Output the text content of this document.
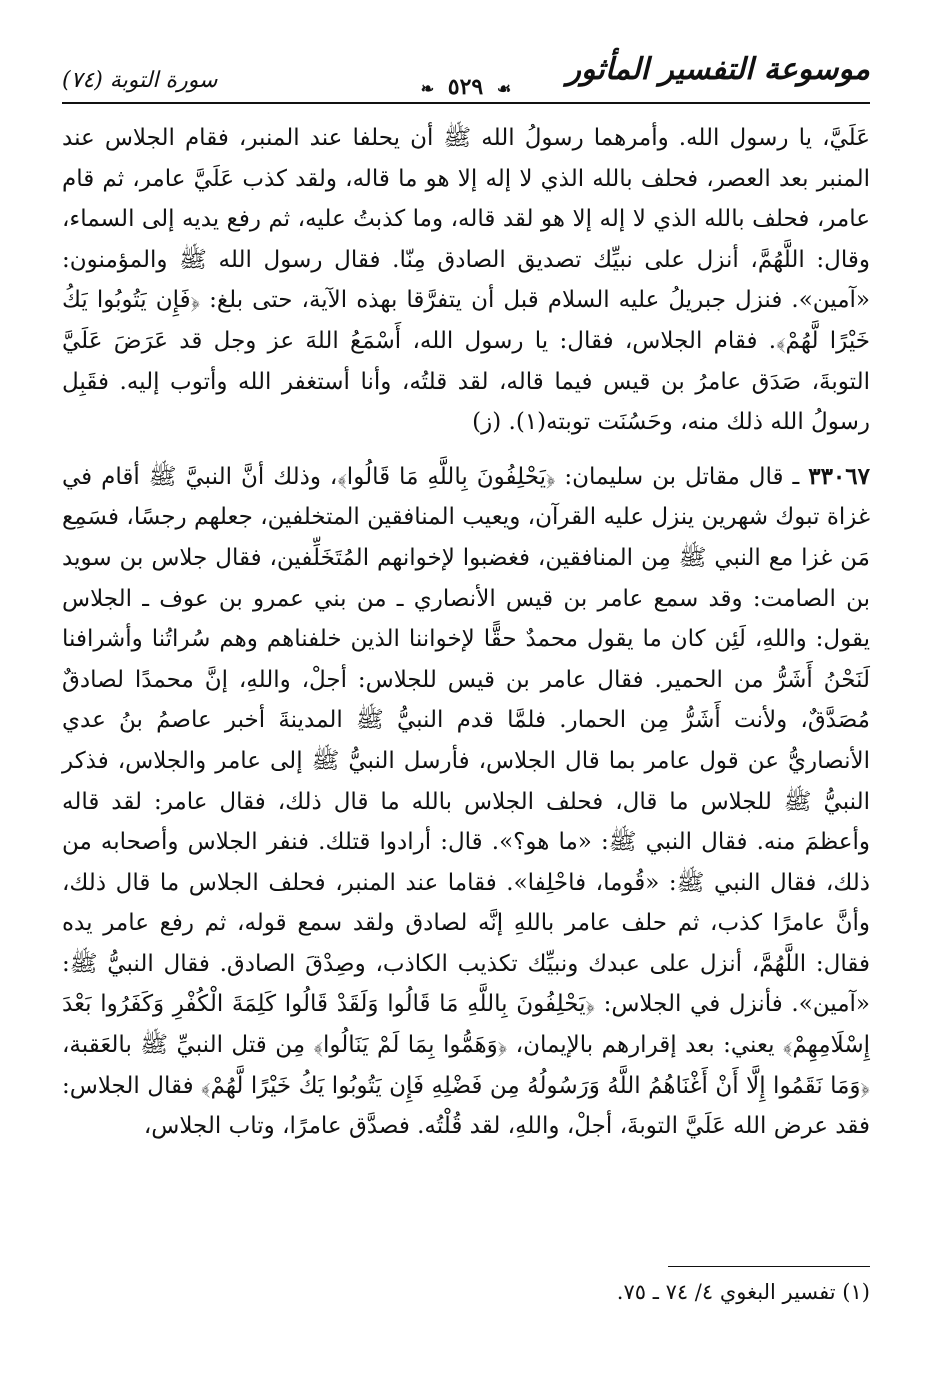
سورة التوبة (٧٤)	❧ ٥٢٩ ☙
موسوعة التفسير المأثور

عَلَيَّ، يا رسول الله. وأمرهما رسولُ الله ﷺ أن يحلفا عند المنبر، فقام الجلاس عند المنبر بعد العصر، فحلف بالله الذي لا إله إلا هو ما قاله، ولقد كذب عَلَيَّ عامر، ثم قام عامر، فحلف بالله الذي لا إله إلا هو لقد قاله، وما كذبتُ عليه، ثم رفع يديه إلى السماء، وقال: اللَّهُمَّ، أنزل على نبيِّك تصديق الصادق مِنّا. فقال رسول الله ﷺ والمؤمنون: «آمين». فنزل جبريلُ عليه السلام قبل أن يتفرَّقا بهذه الآية، حتى بلغ: ﴿فَإِن يَتُوبُوا يَكُ خَيْرًا لَّهُمْ﴾. فقام الجلاس، فقال: يا رسول الله، أَسْمَعُ اللهَ عز وجل قد عَرَضَ عَلَيَّ التوبةَ، صَدَق عامرُ بن قيس فيما قاله، لقد قلتُه، وأنا أستغفر الله وأتوب إليه. فقَبِل رسولُ الله ذلك منه، وحَسُنَت توبته(١). (ز)

٣٣٠٦٧ ـ قال مقاتل بن سليمان: ﴿يَحْلِفُونَ بِاللَّهِ مَا قَالُوا﴾، وذلك أنَّ النبيَّ ﷺ أقام في غزاة تبوك شهرين ينزل عليه القرآن، ويعيب المنافقين المتخلفين، جعلهم رجسًا، فسَمِع مَن غزا مع النبي ﷺ مِن المنافقين، فغضبوا لإخوانهم المُتَخَلِّفين، فقال جلاس بن سويد بن الصامت: وقد سمع عامر بن قيس الأنصاري ـ من بني عمرو بن عوف ـ الجلاس يقول: واللهِ، لَئِن كان ما يقول محمدٌ حقًّا لإخواننا الذين خلفناهم وهم سُراتُنا وأشرافنا لَنَحْنُ أَشَرُّ من الحمير. فقال عامر بن قيس للجلاس: أجلْ، واللهِ، إنَّ محمدًا لصادقٌ مُصَدَّقٌ، ولأنت أَشَرُّ مِن الحمار. فلمَّا قدم النبيُّ ﷺ المدينةَ أخبر عاصمُ بنُ عدي الأنصاريُّ عن قول عامر بما قال الجلاس، فأرسل النبيُّ ﷺ إلى عامر والجلاس، فذكر النبيُّ ﷺ للجلاس ما قال، فحلف الجلاس بالله ما قال ذلك، فقال عامر: لقد قاله وأعظمَ منه. فقال النبي ﷺ: «ما هو؟». قال: أرادوا قتلك. فنفر الجلاس وأصحابه من ذلك، فقال النبي ﷺ: «قُوما، فاحْلِفا». فقاما عند المنبر، فحلف الجلاس ما قال ذلك، وأنَّ عامرًا كذب، ثم حلف عامر باللهِ إنَّه لصادق ولقد سمع قوله، ثم رفع عامر يده فقال: اللَّهُمَّ، أنزل على عبدك ونبيِّك تكذيب الكاذب، وصِدْقَ الصادق. فقال النبيُّ ﷺ: «آمين». فأنزل في الجلاس: ﴿يَحْلِفُونَ بِاللَّهِ مَا قَالُوا وَلَقَدْ قَالُوا كَلِمَةَ الْكُفْرِ وَكَفَرُوا بَعْدَ إِسْلَامِهِمْ﴾ يعني: بعد إقرارهم بالإيمان، ﴿وَهَمُّوا بِمَا لَمْ يَنَالُوا﴾ مِن قتل النبيِّ ﷺ بالعَقبة، ﴿وَمَا نَقَمُوا إِلَّا أَنْ أَغْنَاهُمُ اللَّهُ وَرَسُولُهُ مِن فَضْلِهِ فَإِن يَتُوبُوا يَكُ خَيْرًا لَّهُمْ﴾ فقال الجلاس: فقد عرض الله عَلَيَّ التوبةَ، أجلْ، واللهِ، لقد قُلْتُه. فصدَّق عامرًا، وتاب الجلاس،

(١) تفسير البغوي ٤/ ٧٤ ـ ٧٥.
